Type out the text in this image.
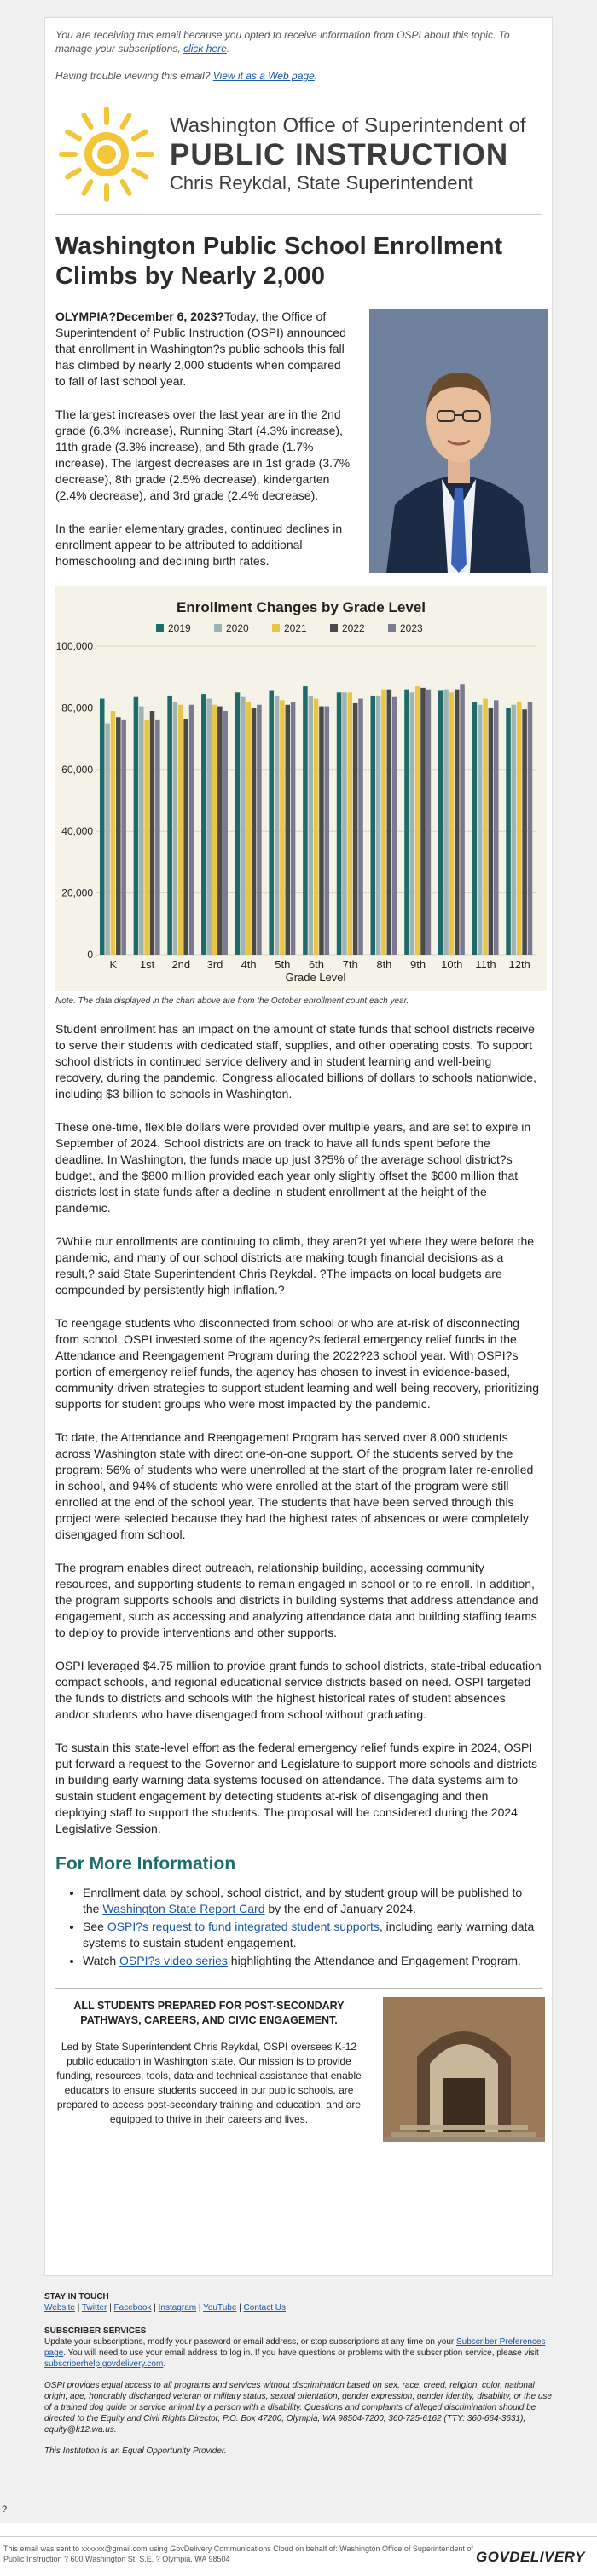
You are receiving this email because you opted to receive information from OSPI about this topic. To manage your subscriptions, click here.
Having trouble viewing this email? View it as a Web page.
Washington Office of Superintendent of
PUBLIC INSTRUCTION
Chris Reykdal, State Superintendent
Washington Public School Enrollment Climbs by Nearly 2,000

OLYMPIA?December 6, 2023?Today, the Office of Superintendent of Public Instruction (OSPI) announced that enrollment in Washington?s public schools this fall has climbed by nearly 2,000 students when compared to fall of last school year.

The largest increases over the last year are in the 2nd grade (6.3% increase), Running Start (4.3% increase), 11th grade (3.3% increase), and 5th grade (1.7% increase). The largest decreases are in 1st grade (3.7% decrease), 8th grade (2.5% decrease), kindergarten (2.4% decrease), and 3rd grade (2.4% decrease).

In the earlier elementary grades, continued declines in enrollment appear to be attributed to additional homeschooling and declining birth rates.

Enrollment Changes by Grade Level
2019	2020	2021	2022	2023
0
20,000
40,000
60,000
80,000
100,000
K 1st 2nd 3rd 4th 5th 6th 7th 8th 9th 10th 11th 12th
Grade Level
Note. The data displayed in the chart above are from the October enrollment count each year.

Student enrollment has an impact on the amount of state funds that school districts receive to serve their students with dedicated staff, supplies, and other operating costs. To support school districts in continued service delivery and in student learning and well-being recovery, during the pandemic, Congress allocated billions of dollars to schools nationwide, including $3 billion to schools in Washington.

These one-time, flexible dollars were provided over multiple years, and are set to expire in September of 2024. School districts are on track to have all funds spent before the deadline. In Washington, the funds made up just 3?5% of the average school district?s budget, and the $800 million provided each year only slightly offset the $600 million that districts lost in state funds after a decline in student enrollment at the height of the pandemic.

?While our enrollments are continuing to climb, they aren?t yet where they were before the pandemic, and many of our school districts are making tough financial decisions as a result,? said State Superintendent Chris Reykdal. ?The impacts on local budgets are compounded by persistently high inflation.?

To reengage students who disconnected from school or who are at-risk of disconnecting from school, OSPI invested some of the agency?s federal emergency relief funds in the Attendance and Reengagement Program during the 2022?23 school year. With OSPI?s portion of emergency relief funds, the agency has chosen to invest in evidence-based, community-driven strategies to support student learning and well-being recovery, prioritizing supports for student groups who were most impacted by the pandemic.

To date, the Attendance and Reengagement Program has served over 8,000 students across Washington state with direct one-on-one support. Of the students served by the program: 56% of students who were unenrolled at the start of the program later re-enrolled in school, and 94% of students who were enrolled at the start of the program were still enrolled at the end of the school year. The students that have been served through this project were selected because they had the highest rates of absences or were completely disengaged from school.

The program enables direct outreach, relationship building, accessing community resources, and supporting students to remain engaged in school or to re-enroll. In addition, the program supports schools and districts in building systems that address attendance and engagement, such as accessing and analyzing attendance data and building staffing teams to deploy to provide interventions and other supports.

OSPI leveraged $4.75 million to provide grant funds to school districts, state-tribal education compact schools, and regional educational service districts based on need. OSPI targeted the funds to districts and schools with the highest historical rates of student absences and/or students who have disengaged from school without graduating.

To sustain this state-level effort as the federal emergency relief funds expire in 2024, OSPI put forward a request to the Governor and Legislature to support more schools and districts in building early warning data systems focused on attendance. The data systems aim to sustain student engagement by detecting students at-risk of disengaging and then deploying staff to support the students. The proposal will be considered during the 2024 Legislative Session.

For More Information
• Enrollment data by school, school district, and by student group will be published to the Washington State Report Card by the end of January 2024.
• See OSPI?s request to fund integrated student supports, including early warning data systems to sustain student engagement.
• Watch OSPI?s video series highlighting the Attendance and Engagement Program.
ALL STUDENTS PREPARED FOR POST-SECONDARY PATHWAYS, CAREERS, AND CIVIC ENGAGEMENT.
Led by State Superintendent Chris Reykdal, OSPI oversees K-12 public education in Washington state. Our mission is to provide funding, resources, tools, data and technical assistance that enable educators to ensure students succeed in our public schools, are prepared to access post-secondary training and education, and are equipped to thrive in their careers and lives.
STAY IN TOUCH
Website | Twitter | Facebook | Instagram | YouTube | Contact Us
SUBSCRIBER SERVICES
Update your subscriptions, modify your password or email address, or stop subscriptions at any time on your Subscriber Preferences page. You will need to use your email address to log in. If you have questions or problems with the subscription service, please visit subscriberhelp.govdelivery.com.
OSPI provides equal access to all programs and services without discrimination based on sex, race, creed, religion, color, national origin, age, honorably discharged veteran or military status, sexual orientation, gender expression, gender identity, disability, or the use of a trained dog guide or service animal by a person with a disability. Questions and complaints of alleged discrimination should be directed to the Equity and Civil Rights Director, P.O. Box 47200, Olympia, WA 98504-7200, 360-725-6162 (TTY: 360-664-3631), equity@k12.wa.us.
This Institution is an Equal Opportunity Provider.
?
This email was sent to xxxxxx@gmail.com using GovDelivery Communications Cloud on behalf of: Washington Office of Superintendent of Public Instruction ? 600 Washington St. S.E. ? Olympia, WA 98504	GOVDELIVERY
